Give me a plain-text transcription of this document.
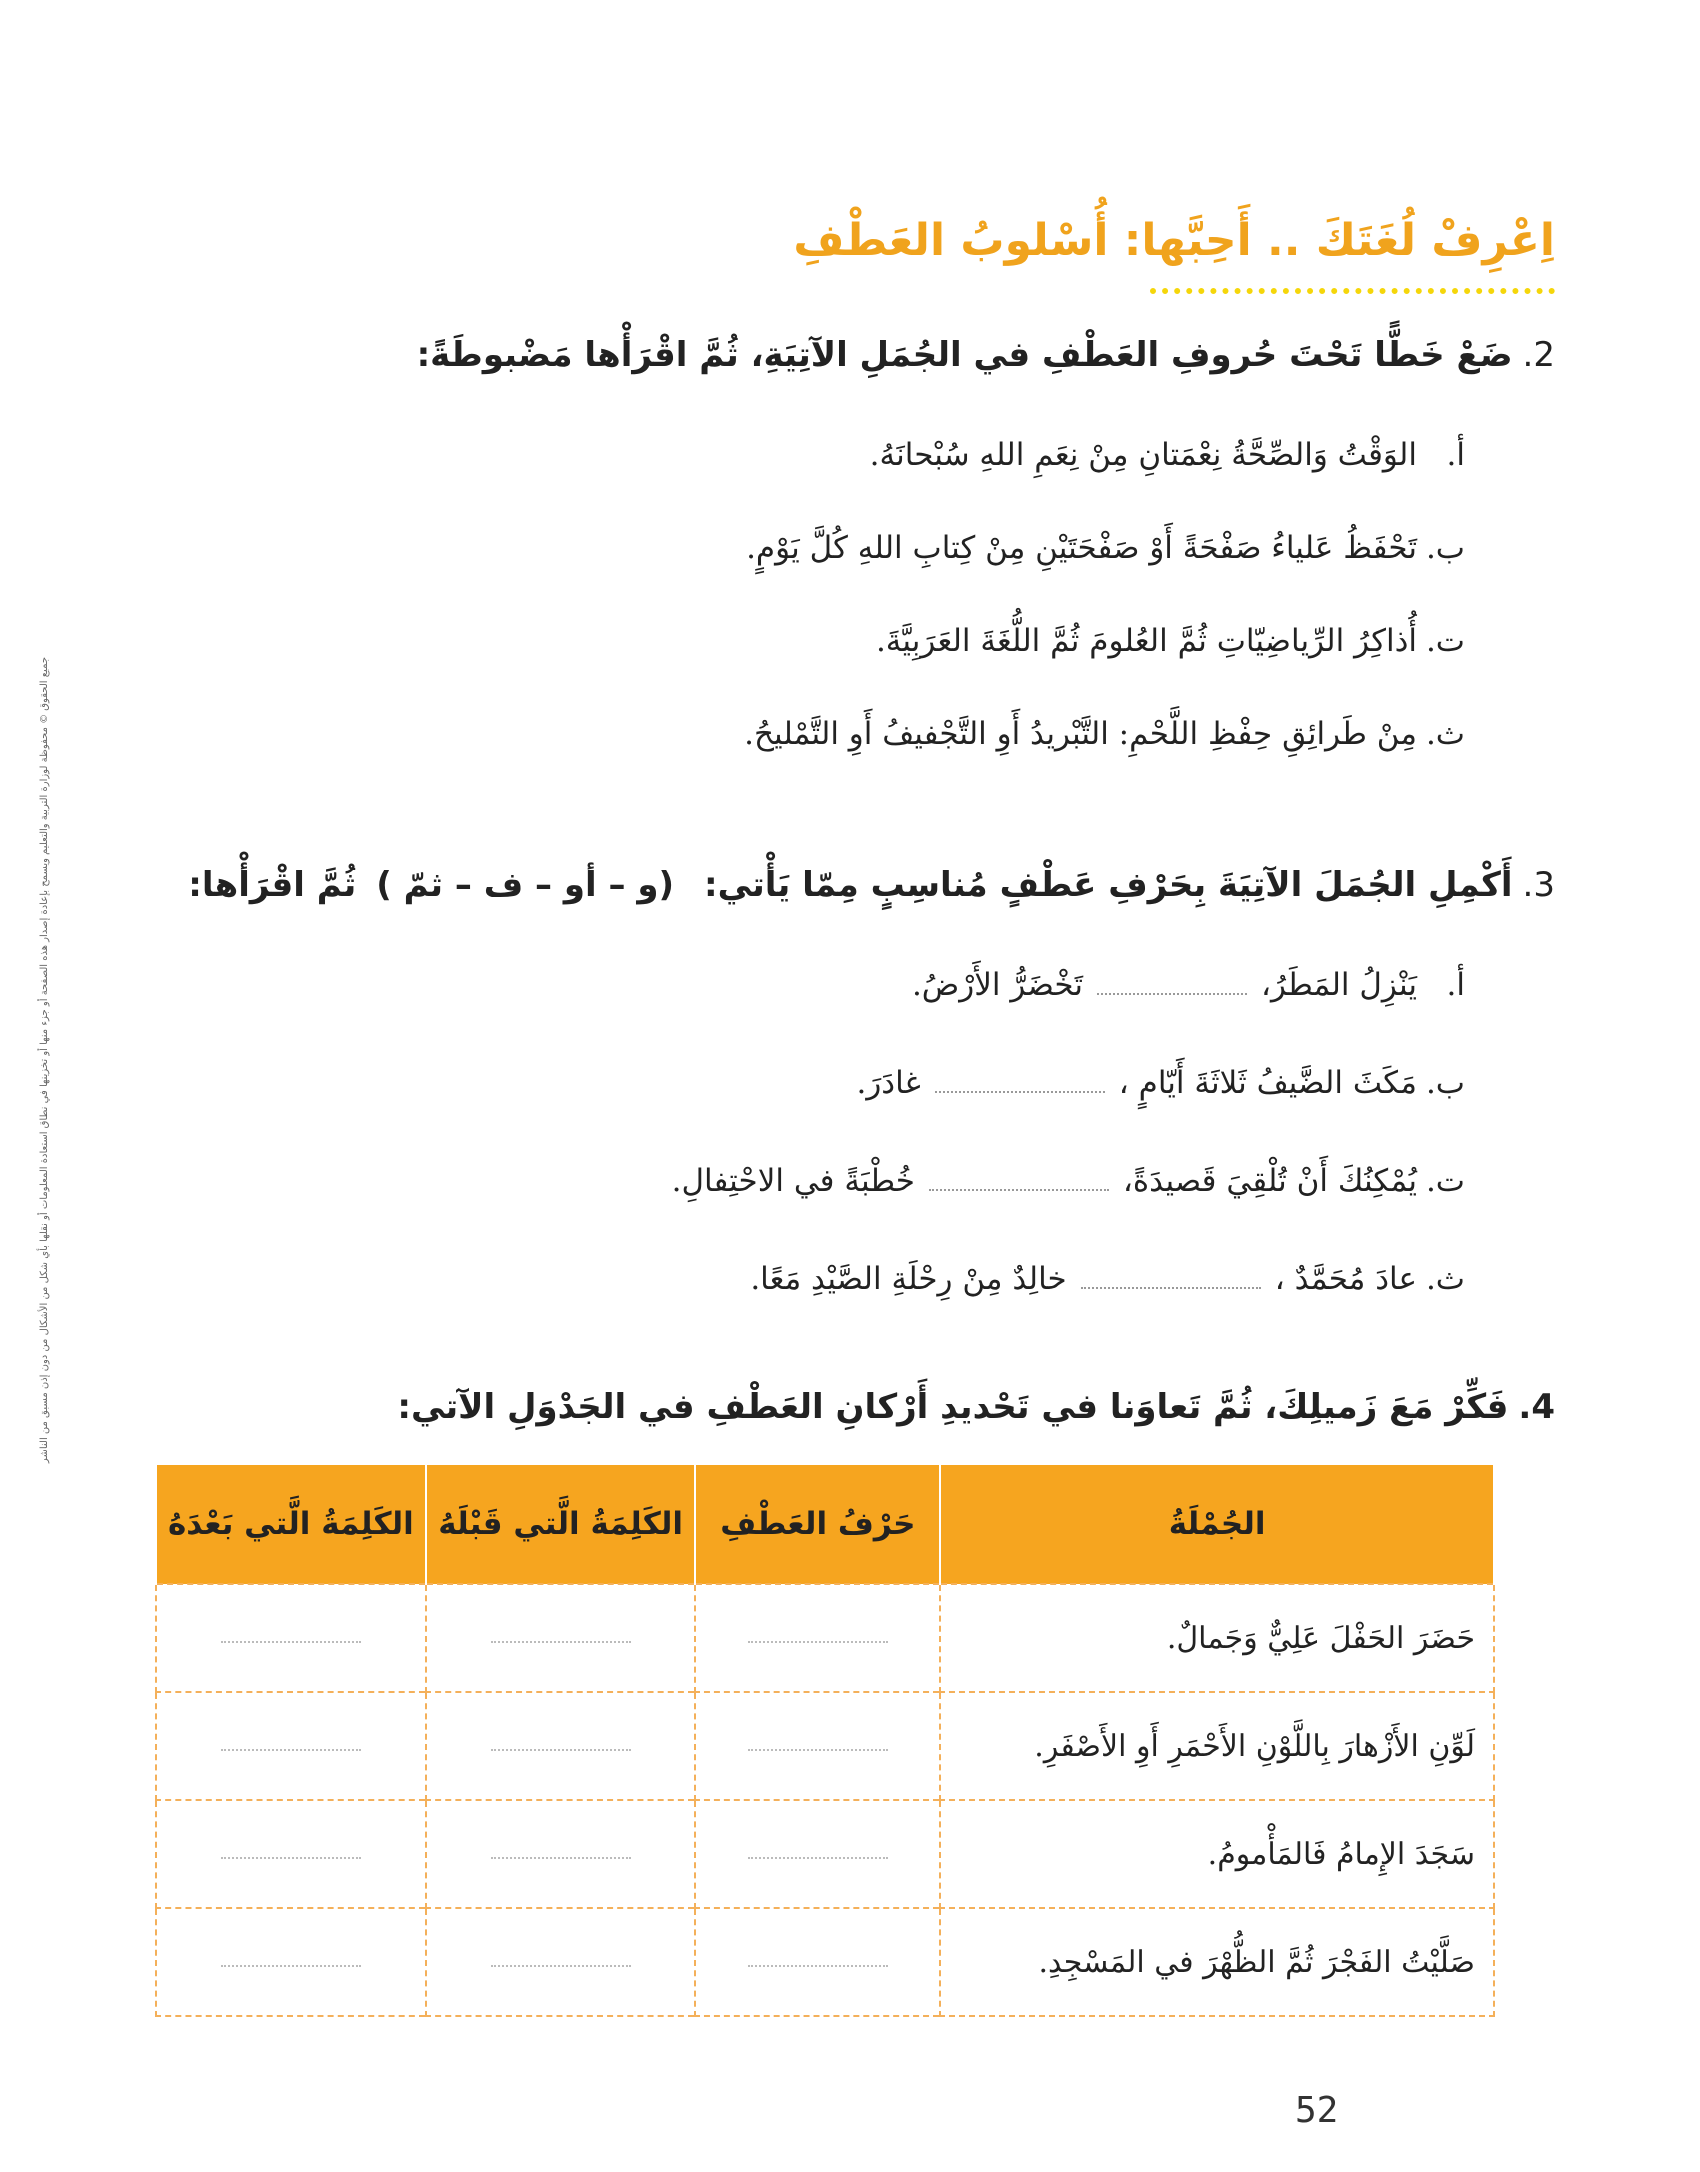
جميع الحقوق © محفوظة لوزارة التربية والتعليم ويسمح بإعادة إصدار هذه الصفحة أو جزء منها أو تخزينها في نطاق استعادة المعلومات أو نقلها بأي شكل من الأشكال من دون إذن مسبق من الناشر
اِعْرِفْ لُغَتَكَ .. أَحِبَّها: أُسْلوبُ العَطْفِ
2.ضَعْ خَطًّا تَحْتَ حُروفِ العَطْفِ في الجُمَلِ الآتِيَةِ، ثُمَّ اقْرَأْها مَضْبوطَةً:
أ.الوَقْتُ وَالصِّحَّةُ نِعْمَتانِ مِنْ نِعَمِ اللهِ سُبْحانَهُ.
ب.تَحْفَظُ عَلياءُ صَفْحَةً أَوْ صَفْحَتَيْنِ مِنْ كِتابِ اللهِ كُلَّ يَوْمٍ.
ت.أُذاكِرُ الرِّياضِيّاتِ ثُمَّ العُلومَ ثُمَّ اللُّغَةَ العَرَبِيَّةَ.
ث.مِنْ طَرائِقِ حِفْظِ اللَّحْمِ: التَّبْريدُ أَوِ التَّجْفيفُ أَوِ التَّمْليحُ.
3.أَكْمِلِ الجُمَلَ الآتِيَةَ بِحَرْفِ عَطْفٍ مُناسِبٍ مِمّا يَأْتي:(و – أو – ف – ثمّ )ثُمَّ اقْرَأْها:
أ.يَنْزِلُ المَطَرُ،تَخْضَرُّ الأَرْضُ.
ب.مَكَثَ الضَّيفُ ثَلاثَةَ أَيّامٍ ،غادَرَ.
ت.يُمْكِنُكَ أَنْ تُلْقِيَ قَصيدَةً،خُطْبَةً في الاحْتِفالِ.
ث.عادَ مُحَمَّدٌ ،خالِدٌ مِنْ رِحْلَةِ الصَّيْدِ مَعًا.
4.فَكِّرْ مَعَ زَميلِكَ، ثُمَّ تَعاوَنا في تَحْديدِ أَرْكانِ العَطْفِ في الجَدْوَلِ الآتي:
الجُمْلَةُ	حَرْفُ العَطْفِ	الكَلِمَةُ الَّتي قَبْلَهُ	الكَلِمَةُ الَّتي بَعْدَهُ
حَضَرَ الحَفْلَ عَلِيٌّ وَجَمالٌ.	

لَوِّنِ الأَزْهارَ بِاللَّوْنِ الأَحْمَرِ أَوِ الأَصْفَرِ.	

سَجَدَ الإِمامُ فَالمَأْمومُ.	

صَلَّيْتُ الفَجْرَ ثُمَّ الظُّهْرَ في المَسْجِدِ.	

52
